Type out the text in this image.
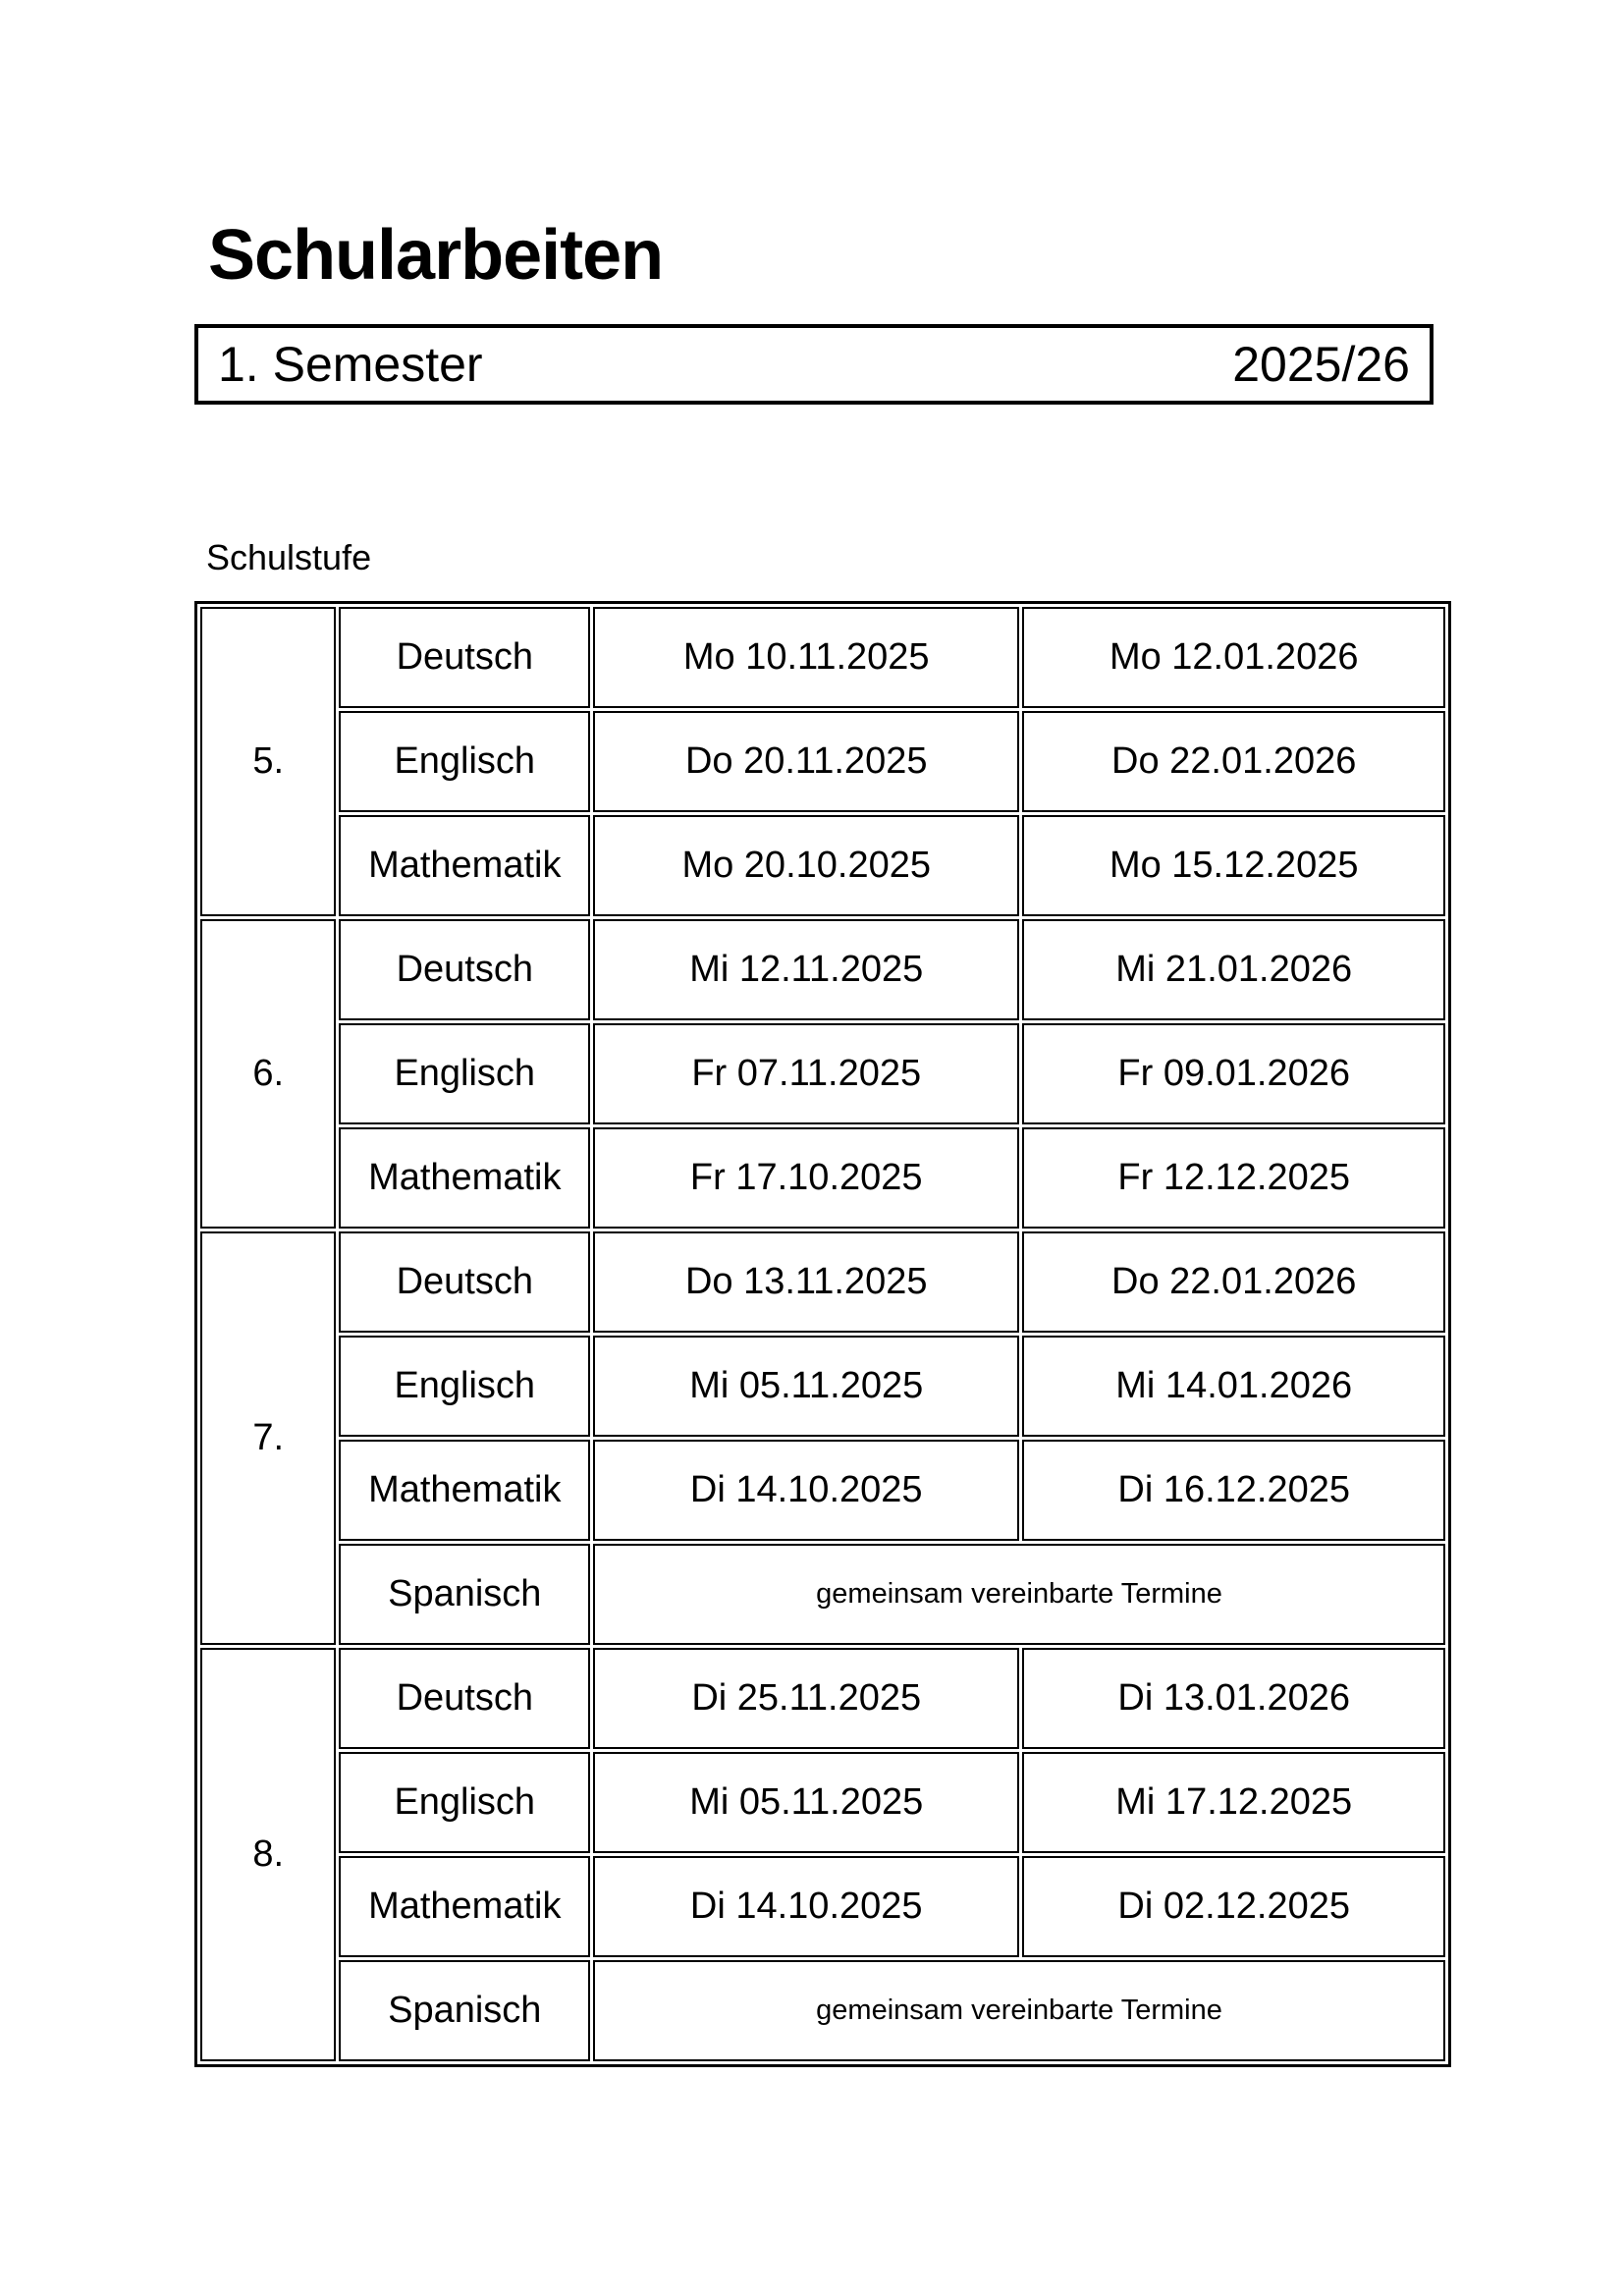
Schularbeiten
1. Semester	2025/26
Schulstufe
5.	Deutsch	Mo 10.11.2025	Mo 12.01.2026
	Englisch	Do 20.11.2025	Do 22.01.2026
	Mathematik	Mo 20.10.2025	Mo 15.12.2025
6.	Deutsch	Mi 12.11.2025	Mi 21.01.2026
	Englisch	Fr 07.11.2025	Fr 09.01.2026
	Mathematik	Fr 17.10.2025	Fr 12.12.2025
7.	Deutsch	Do 13.11.2025	Do 22.01.2026
	Englisch	Mi 05.11.2025	Mi 14.01.2026
	Mathematik	Di 14.10.2025	Di 16.12.2025
	Spanisch	gemeinsam vereinbarte Termine	
8.	Deutsch	Di 25.11.2025	Di 13.01.2026
	Englisch	Mi 05.11.2025	Mi 17.12.2025
	Mathematik	Di 14.10.2025	Di 02.12.2025
	Spanisch	gemeinsam vereinbarte Termine	
